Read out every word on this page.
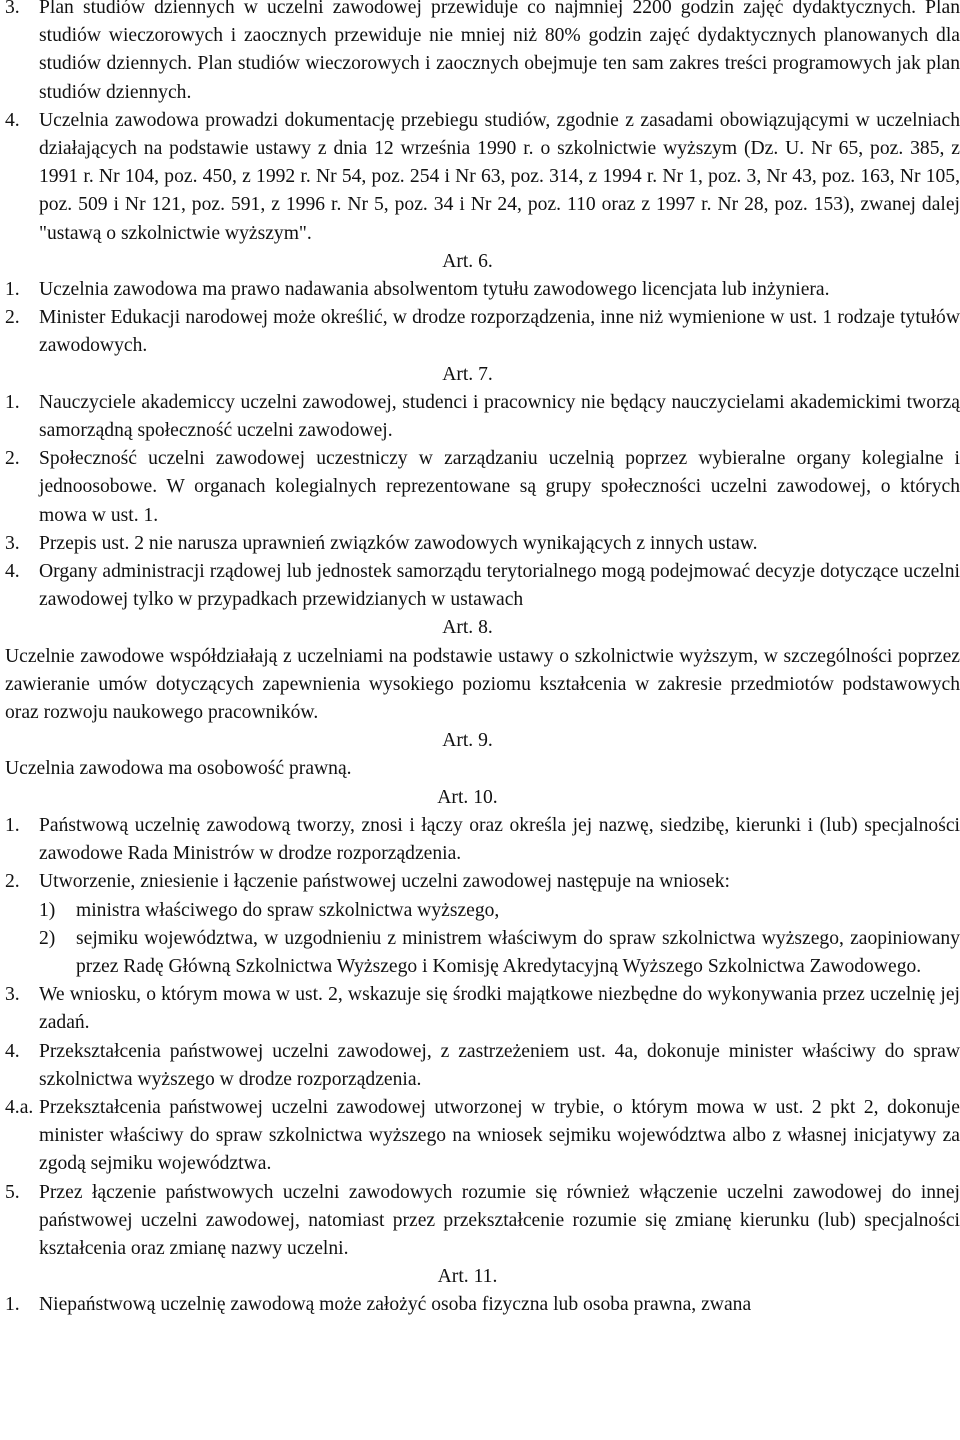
3. Plan studiów dziennych w uczelni zawodowej przewiduje co najmniej 2200 godzin zajęć dydaktycznych. Plan studiów wieczorowych i zaocznych przewiduje nie mniej niż 80% godzin zajęć dydaktycznych planowanych dla studiów dziennych. Plan studiów wieczorowych i zaocznych obejmuje ten sam zakres treści programowych jak plan studiów dziennych.
4. Uczelnia zawodowa prowadzi dokumentację przebiegu studiów, zgodnie z zasadami obowiązującymi w uczelniach działających na podstawie ustawy z dnia 12 września 1990 r. o szkolnictwie wyższym (Dz. U. Nr 65, poz. 385, z 1991 r. Nr 104, poz. 450, z 1992 r. Nr 54, poz. 254 i Nr 63, poz. 314, z 1994 r. Nr 1, poz. 3, Nr 43, poz. 163, Nr 105, poz. 509 i Nr 121, poz. 591, z 1996 r. Nr 5, poz. 34 i Nr 24, poz. 110 oraz z 1997 r. Nr 28, poz. 153), zwanej dalej "ustawą o szkolnictwie wyższym".
Art. 6.
1. Uczelnia zawodowa ma prawo nadawania absolwentom tytułu zawodowego licencjata lub inżyniera.
2. Minister Edukacji narodowej może określić, w drodze rozporządzenia, inne niż wymienione w ust. 1 rodzaje tytułów zawodowych.
Art. 7.
1. Nauczyciele akademiccy uczelni zawodowej, studenci i pracownicy nie będący nauczycielami akademickimi tworzą samorządną społeczność uczelni zawodowej.
2. Społeczność uczelni zawodowej uczestniczy w zarządzaniu uczelnią poprzez wybieralne organy kolegialne i jednoosobowe. W organach kolegialnych reprezentowane są grupy społeczności uczelni zawodowej, o których mowa w ust. 1.
3. Przepis ust. 2 nie narusza uprawnień związków zawodowych wynikających z innych ustaw.
4. Organy administracji rządowej lub jednostek samorządu terytorialnego mogą podejmować decyzje dotyczące uczelni zawodowej tylko w przypadkach przewidzianych w ustawach
Art. 8.
Uczelnie zawodowe współdziałają z uczelniami na podstawie ustawy o szkolnictwie wyższym, w szczególności poprzez zawieranie umów dotyczących zapewnienia wysokiego poziomu kształcenia w zakresie przedmiotów podstawowych oraz rozwoju naukowego pracowników.
Art. 9.
Uczelnia zawodowa ma osobowość prawną.
Art. 10.
1. Państwową uczelnię zawodową tworzy, znosi i łączy oraz określa jej nazwę, siedzibę, kierunki i (lub) specjalności zawodowe Rada Ministrów w drodze rozporządzenia.
2. Utworzenie, zniesienie i łączenie państwowej uczelni zawodowej następuje na wniosek:
1)	ministra właściwego do spraw szkolnictwa wyższego,
2)	sejmiku województwa, w uzgodnieniu z ministrem właściwym do spraw szkolnictwa wyższego, zaopiniowany przez Radę Główną Szkolnictwa Wyższego i Komisję Akredytacyjną Wyższego Szkolnictwa Zawodowego.
3. We wniosku, o którym mowa w ust. 2, wskazuje się środki majątkowe niezbędne do wykonywania przez uczelnię jej zadań.
4. Przekształcenia państwowej uczelni zawodowej, z zastrzeżeniem ust. 4a, dokonuje minister właściwy do spraw szkolnictwa wyższego w drodze rozporządzenia.
4.a. Przekształcenia państwowej uczelni zawodowej utworzonej w trybie, o którym mowa w ust. 2 pkt 2, dokonuje minister właściwy do spraw szkolnictwa wyższego na wniosek sejmiku województwa albo z własnej inicjatywy za zgodą sejmiku województwa.
5. Przez łączenie państwowych uczelni zawodowych rozumie się również włączenie uczelni zawodowej do innej państwowej uczelni zawodowej, natomiast przez przekształcenie rozumie się zmianę kierunku (lub) specjalności kształcenia oraz zmianę nazwy uczelni.
Art. 11.
1. Niepaństwową uczelnię zawodową może założyć osoba fizyczna lub osoba prawna, zwana
